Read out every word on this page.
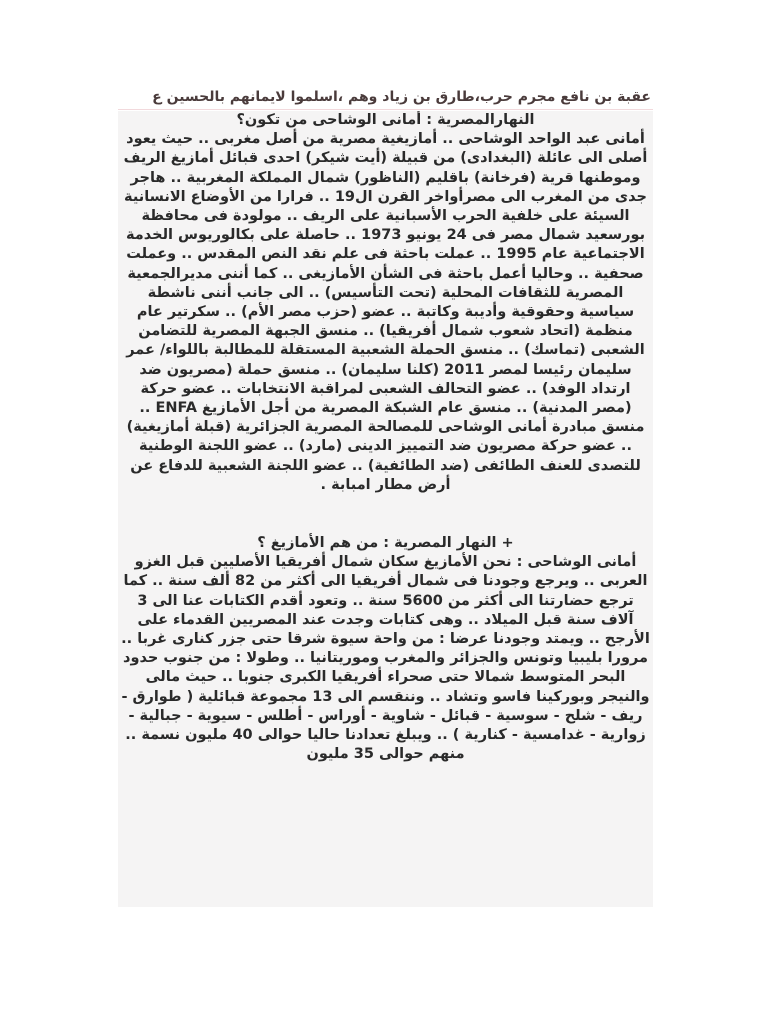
عقبة بن نافع مجرم حرب،طارق بن زياد وهم ،اسلموا لايمانهم بالحسين ع

النهارالمصرية : أمانى الوشاحى من تكون؟

أمانى عبد الواحد الوشاحى .. أمازيغية مصرية من أصل مغربى .. حيث يعود أصلى الى عائلة (البغدادى) من قبيلة (أيت شيكر) احدى قبائل أمازيغ الريف وموطنها قرية (فرخانة) باقليم (الناظور) شمال المملكة المغربية .. هاجر جدى من المغرب الى مصرأواخر القرن ال19 .. فرارا من الأوضاع الانسانية السيئة على خلفية الحرب الأسبانية على الريف .. مولودة فى محافظة بورسعيد شمال مصر فى 24 يونيو 1973 .. حاصلة على بكالوريوس الخدمة الاجتماعية عام 1995 .. عملت باحثة فى علم نقد النص المقدس .. وعملت صحفية .. وحاليا أعمل باحثة فى الشأن الأمازيغى .. كما أننى مديرالجمعية المصرية للثقافات المحلية (تحت التأسيس) .. الى جانب أننى ناشطة سياسية وحقوقية وأديبة وكاتبة .. عضو (حزب مصر الأم) .. سكرتير عام منظمة (اتحاد شعوب شمال أفريقيا) .. منسق الجبهة المصرية للتضامن الشعبى (تماسك) .. منسق الحملة الشعبية المستقلة للمطالبة باللواء/ عمر سليمان رئيسا لمصر 2011 (كلنا سليمان) .. منسق حملة (مصريون ضد ارتداد الوفد) .. عضو التحالف الشعبى لمراقبة الانتخابات .. عضو حركة (مصر المدنية) .. منسق عام الشبكة المصرية من أجل الأمازيغ ENFA .. منسق مبادرة أمانى الوشاحى للمصالحة المصرية الجزائرية (قبلة أمازيغية) .. عضو حركة مصريون ضد التمييز الدينى (مارد) .. عضو اللجنة الوطنية للتصدى للعنف الطائفى (ضد الطائفية) .. عضو اللجنة الشعبية للدفاع عن أرض مطار امبابة .

+ النهار المصرية : من هم الأمازيغ ؟

أمانى الوشاحى : نحن الأمازيغ سكان شمال أفريقيا الأصليين قبل الغزو العربى .. ويرجع وجودنا فى شمال أفريقيا الى أكثر من 82 ألف سنة .. كما ترجع حضارتنا الى أكثر من 5600 سنة .. وتعود أقدم الكتابات عنا الى 3 آلاف سنة قبل الميلاد .. وهى كتابات وجدت عند المصريين القدماء على الأرجح .. ويمتد وجودنا عرضا : من واحة سيوة شرقا حتى جزر كنارى غربا .. مرورا بليبيا وتونس والجزائر والمغرب وموريتانيا .. وطولا : من جنوب حدود البحر المتوسط شمالا حتى صحراء أفريقيا الكبرى جنوبا .. حيث مالى والنيجر وبوركينا فاسو وتشاد .. وننقسم الى 13 مجموعة قبائلية ( طوارق - ريف - شلح - سوسية - قبائل - شاوية - أوراس - أطلس - سيوية - جبالية - زوارية - غدامسية - كنارية ) .. ويبلغ تعدادنا حاليا حوالى 40 مليون نسمة .. منهم حوالى 35 مليون
